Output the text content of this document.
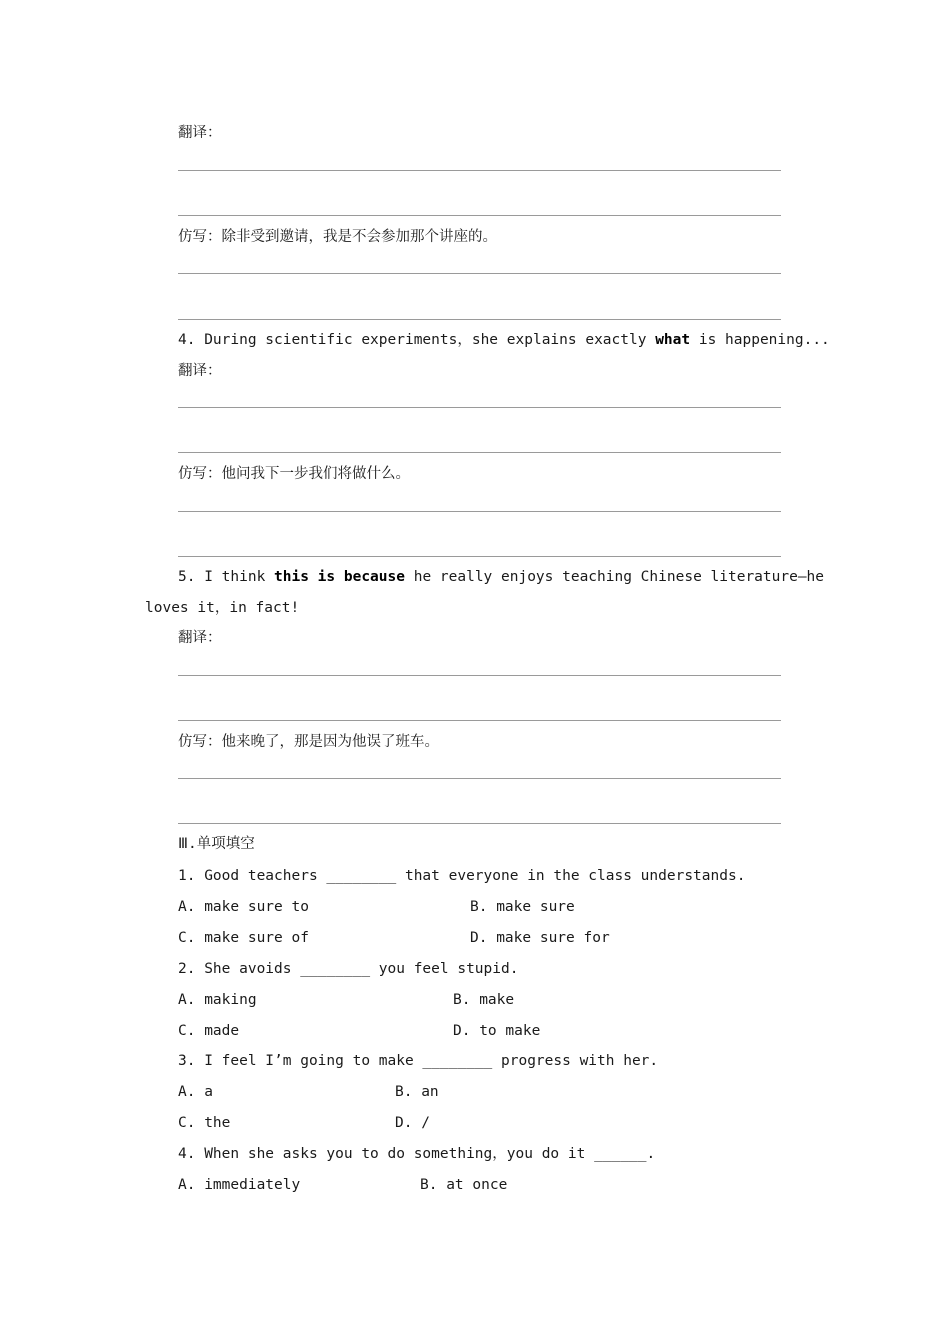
翻译：
仿写：除非受到邀请，我是不会参加那个讲座的。
4. During scientific experiments，she explains exactly what is happening...
翻译：
仿写：他问我下一步我们将做什么。
5. I think this is because he really enjoys teaching Chinese literature—he
loves it，in fact!
翻译：
仿写：他来晚了，那是因为他误了班车。
Ⅲ.单项填空
1. Good teachers ________ that everyone in the class understands.
A. make sure to	B. make sure
C. make sure of	D. make sure for
2. She avoids ________ you feel stupid.
A. making	B. make
C. made	D. to make
3. I feel I’m going to make ________ progress with her.
A. a	B. an
C. the	D. /
4. When she asks you to do something，you do it ______.
A. immediately	B. at once
